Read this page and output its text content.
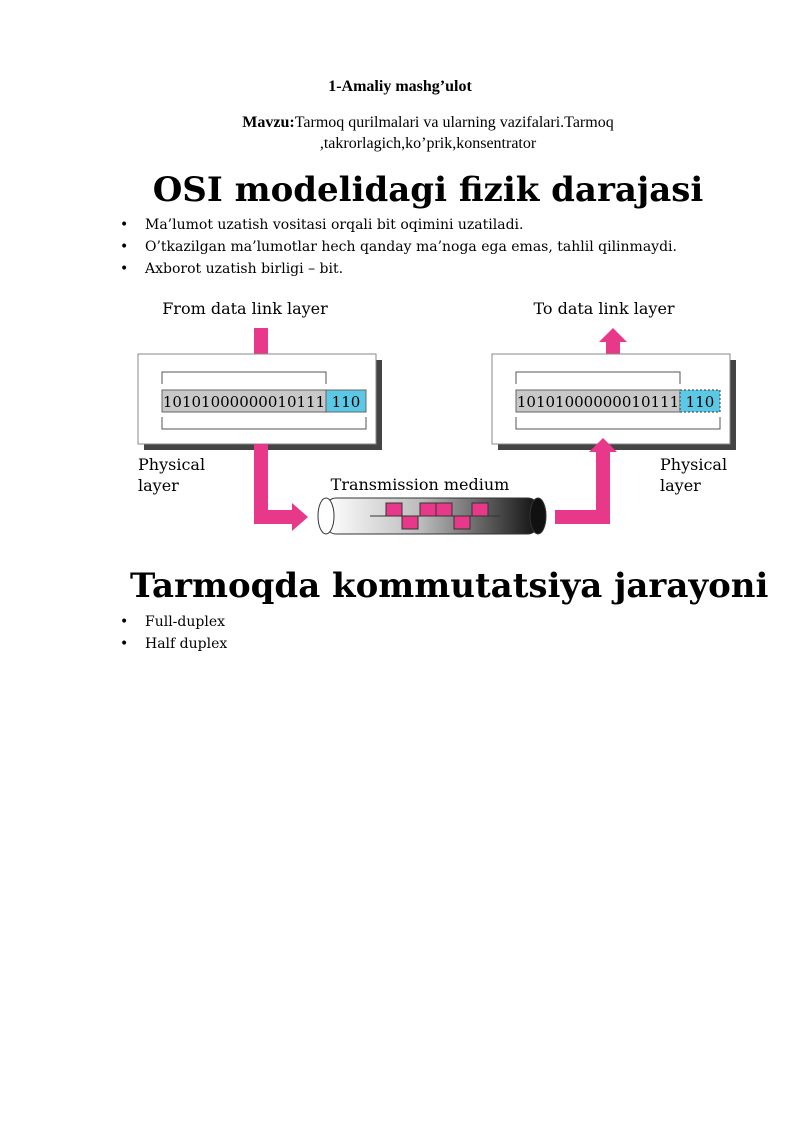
1-Amaliy mashg’ulot
Mavzu:Tarmoq qurilmalari va ularning vazifalari.Tarmoq ,takrorlagich,ko’prik,konsentrator
OSI modelidagi fizik darajasi
• Ma’lumot uzatish vositasi orqali bit oqimini uzatiladi.
• O’tkazilgan ma’lumotlar hech qanday ma’noga ega emas, tahlil qilinmaydi.
• Axborot uzatish birligi – bit.
From data link layer	To data link layer
10101000000010111 110	10101000000010111 110
Physical
layer
Physical
layer
Transmission medium
Tarmoqda kommutatsiya jarayoni
• Full-duplex
• Half duplex
